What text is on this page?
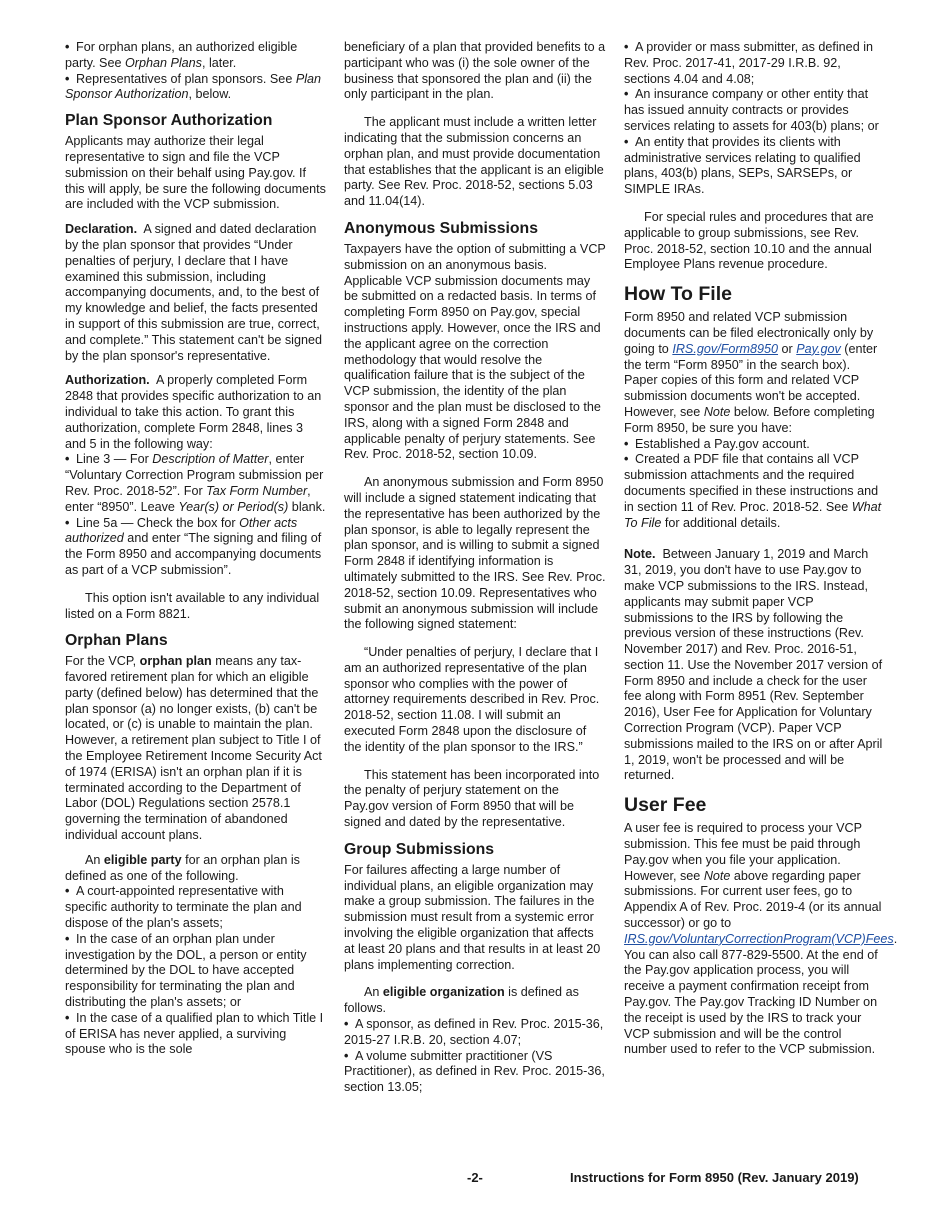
• For orphan plans, an authorized eligible party. See Orphan Plans, later.

• Representatives of plan sponsors. See Plan Sponsor Authorization, below.

Plan Sponsor Authorization

Applicants may authorize their legal representative to sign and file the VCP submission on their behalf using Pay.gov. If this will apply, be sure the following documents are included with the VCP submission.

Declaration. A signed and dated declaration by the plan sponsor that provides “Under penalties of perjury, I declare that I have examined this submission, including accompanying documents, and, to the best of my knowledge and belief, the facts presented in support of this submission are true, correct, and complete.” This statement can't be signed by the plan sponsor's representative.

Authorization. A properly completed Form 2848 that provides specific authorization to an individual to take this action. To grant this authorization, complete Form 2848, lines 3 and 5 in the following way:

• Line 3 — For Description of Matter, enter “Voluntary Correction Program submission per Rev. Proc. 2018-52”. For Tax Form Number, enter “8950”. Leave Year(s) or Period(s) blank.

• Line 5a — Check the box for Other acts authorized and enter “The signing and filing of the Form 8950 and accompanying documents as part of a VCP submission”.

This option isn't available to any individual listed on a Form 8821.

Orphan Plans

For the VCP, orphan plan means any tax-favored retirement plan for which an eligible party (defined below) has determined that the plan sponsor (a) no longer exists, (b) can't be located, or (c) is unable to maintain the plan. However, a retirement plan subject to Title I of the Employee Retirement Income Security Act of 1974 (ERISA) isn't an orphan plan if it is terminated according to the Department of Labor (DOL) Regulations section 2578.1 governing the termination of abandoned individual account plans.

An eligible party for an orphan plan is defined as one of the following.

• A court-appointed representative with specific authority to terminate the plan and dispose of the plan's assets;

• In the case of an orphan plan under investigation by the DOL, a person or entity determined by the DOL to have accepted responsibility for terminating the plan and distributing the plan's assets; or

• In the case of a qualified plan to which Title I of ERISA has never applied, a surviving spouse who is the sole

beneficiary of a plan that provided benefits to a participant who was (i) the sole owner of the business that sponsored the plan and (ii) the only participant in the plan.

The applicant must include a written letter indicating that the submission concerns an orphan plan, and must provide documentation that establishes that the applicant is an eligible party. See Rev. Proc. 2018-52, sections 5.03 and 11.04(14).

Anonymous Submissions

Taxpayers have the option of submitting a VCP submission on an anonymous basis. Applicable VCP submission documents may be submitted on a redacted basis. In terms of completing Form 8950 on Pay.gov, special instructions apply. However, once the IRS and the applicant agree on the correction methodology that would resolve the qualification failure that is the subject of the VCP submission, the identity of the plan sponsor and the plan must be disclosed to the IRS, along with a signed Form 2848 and applicable penalty of perjury statements. See Rev. Proc. 2018-52, section 10.09.

An anonymous submission and Form 8950 will include a signed statement indicating that the representative has been authorized by the plan sponsor, is able to legally represent the plan sponsor, and is willing to submit a signed Form 2848 if identifying information is ultimately submitted to the IRS. See Rev. Proc. 2018-52, section 10.09. Representatives who submit an anonymous submission will include the following signed statement:

“Under penalties of perjury, I declare that I am an authorized representative of the plan sponsor who complies with the power of attorney requirements described in Rev. Proc. 2018-52, section 11.08. I will submit an executed Form 2848 upon the disclosure of the identity of the plan sponsor to the IRS.”

This statement has been incorporated into the penalty of perjury statement on the Pay.gov version of Form 8950 that will be signed and dated by the representative.

Group Submissions

For failures affecting a large number of individual plans, an eligible organization may make a group submission. The failures in the submission must result from a systemic error involving the eligible organization that affects at least 20 plans and that results in at least 20 plans implementing correction.

An eligible organization is defined as follows.

• A sponsor, as defined in Rev. Proc. 2015-36, 2015-27 I.R.B. 20, section 4.07;

• A volume submitter practitioner (VS Practitioner), as defined in Rev. Proc. 2015-36, section 13.05;

• A provider or mass submitter, as defined in Rev. Proc. 2017-41, 2017-29 I.R.B. 92, sections 4.04 and 4.08;

• An insurance company or other entity that has issued annuity contracts or provides services relating to assets for 403(b) plans; or

• An entity that provides its clients with administrative services relating to qualified plans, 403(b) plans, SEPs, SARSEPs, or SIMPLE IRAs.

For special rules and procedures that are applicable to group submissions, see Rev. Proc. 2018-52, section 10.10 and the annual Employee Plans revenue procedure.

How To File

Form 8950 and related VCP submission documents can be filed electronically only by going to IRS.gov/Form8950 or Pay.gov (enter the term “Form 8950” in the search box). Paper copies of this form and related VCP submission documents won't be accepted. However, see Note below. Before completing Form 8950, be sure you have:

• Established a Pay.gov account.

• Created a PDF file that contains all VCP submission attachments and the required documents specified in these instructions and in section 11 of Rev. Proc. 2018-52. See What To File for additional details.

Note. Between January 1, 2019 and March 31, 2019, you don't have to use Pay.gov to make VCP submissions to the IRS. Instead, applicants may submit paper VCP submissions to the IRS by following the previous version of these instructions (Rev. November 2017) and Rev. Proc. 2016-51, section 11. Use the November 2017 version of Form 8950 and include a check for the user fee along with Form 8951 (Rev. September 2016), User Fee for Application for Voluntary Correction Program (VCP). Paper VCP submissions mailed to the IRS on or after April 1, 2019, won't be processed and will be returned.

User Fee

A user fee is required to process your VCP submission. This fee must be paid through Pay.gov when you file your application. However, see Note above regarding paper submissions. For current user fees, go to Appendix A of Rev. Proc. 2019-4 (or its annual successor) or go to IRS.gov/VoluntaryCorrectionProgram(VCP)Fees. You can also call 877-829-5500. At the end of the Pay.gov application process, you will receive a payment confirmation receipt from Pay.gov. The Pay.gov Tracking ID Number on the receipt is used by the IRS to track your VCP submission and will be the control number used to refer to the VCP submission.

-2-	Instructions for Form 8950 (Rev. January 2019)
